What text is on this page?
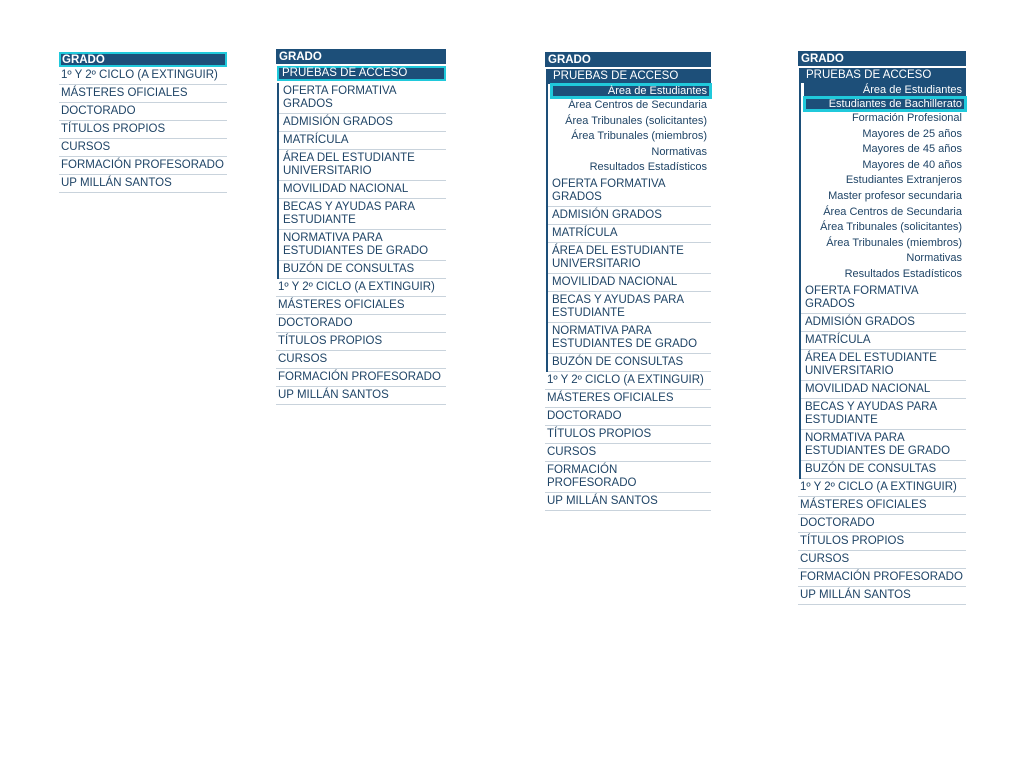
GRADO
1º Y 2º CICLO (A EXTINGUIR)
MÁSTERES OFICIALES
DOCTORADO
TÍTULOS PROPIOS
CURSOS
FORMACIÓN PROFESORADO
UP MILLÁN SANTOS
GRADO
PRUEBAS DE ACCESO
OFERTA FORMATIVA GRADOS
ADMISIÓN GRADOS
MATRÍCULA
ÁREA DEL ESTUDIANTE UNIVERSITARIO
MOVILIDAD NACIONAL
BECAS Y AYUDAS PARA ESTUDIANTE
NORMATIVA PARA ESTUDIANTES DE GRADO
BUZÓN DE CONSULTAS
1º Y 2º CICLO (A EXTINGUIR)
MÁSTERES OFICIALES
DOCTORADO
TÍTULOS PROPIOS
CURSOS
FORMACIÓN PROFESORADO
UP MILLÁN SANTOS
GRADO
PRUEBAS DE ACCESO
Área de Estudiantes
Área Centros de Secundaria
Área Tribunales (solicitantes)
Área Tribunales (miembros)
Normativas
Resultados Estadísticos
OFERTA FORMATIVA GRADOS
ADMISIÓN GRADOS
MATRÍCULA
ÁREA DEL ESTUDIANTE UNIVERSITARIO
MOVILIDAD NACIONAL
BECAS Y AYUDAS PARA ESTUDIANTE
NORMATIVA PARA ESTUDIANTES DE GRADO
BUZÓN DE CONSULTAS
1º Y 2º CICLO (A EXTINGUIR)
MÁSTERES OFICIALES
DOCTORADO
TÍTULOS PROPIOS
CURSOS
FORMACIÓN PROFESORADO
UP MILLÁN SANTOS
GRADO
PRUEBAS DE ACCESO
Área de Estudiantes
Estudiantes de Bachillerato
Formación Profesional
Mayores de 25 años
Mayores de 45 años
Mayores de 40 años
Estudiantes Extranjeros
Master profesor secundaria
Área Centros de Secundaria
Área Tribunales (solicitantes)
Área Tribunales (miembros)
Normativas
Resultados Estadísticos
OFERTA FORMATIVA GRADOS
ADMISIÓN GRADOS
MATRÍCULA
ÁREA DEL ESTUDIANTE UNIVERSITARIO
MOVILIDAD NACIONAL
BECAS Y AYUDAS PARA ESTUDIANTE
NORMATIVA PARA ESTUDIANTES DE GRADO
BUZÓN DE CONSULTAS
1º Y 2º CICLO (A EXTINGUIR)
MÁSTERES OFICIALES
DOCTORADO
TÍTULOS PROPIOS
CURSOS
FORMACIÓN PROFESORADO
UP MILLÁN SANTOS
